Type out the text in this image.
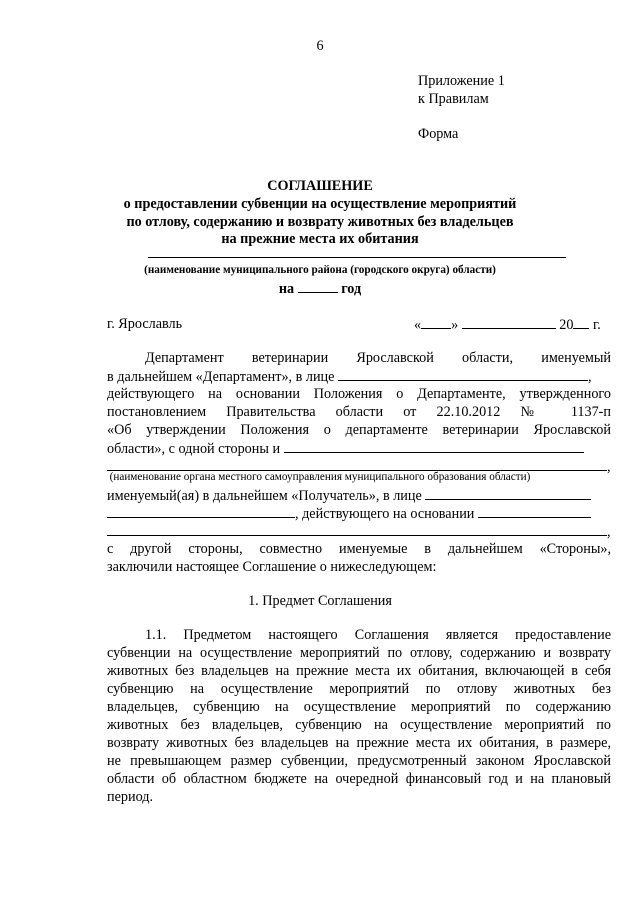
6
Приложение 1
к Правилам
Форма
СОГЛАШЕНИЕ
о предоставлении субвенции на осуществление мероприятий
по отлову, содержанию и возврату животных без владельцев
на прежние места их обитания
(наименование муниципального района (городского округа) области)
на	год
г. Ярославль	« »	20 г.
Департамент ветеринарии Ярославской области, именуемый
в дальнейшем «Департамент», в лице	,
действующего на основании Положения о Департаменте, утвержденного
постановлением Правительства области от 22.10.2012 № 1137-п
«Об утверждении Положения о департаменте ветеринарии Ярославской
области», с одной стороны и
,
(наименование органа местного самоуправления муниципального образования области)
именуемый(ая) в дальнейшем «Получатель», в лице
, действующего на основании
,
с другой стороны, совместно именуемые в дальнейшем «Стороны»,
заключили настоящее Соглашение о нижеследующем:
1. Предмет Соглашения
1.1. Предметом настоящего Соглашения является предоставление
субвенции на осуществление мероприятий по отлову, содержанию и возврату
животных без владельцев на прежние места их обитания, включающей в себя
субвенцию на осуществление мероприятий по отлову животных без
владельцев, субвенцию на осуществление мероприятий по содержанию
животных без владельцев, субвенцию на осуществление мероприятий по
возврату животных без владельцев на прежние места их обитания, в размере,
не превышающем размер субвенции, предусмотренный законом Ярославской
области об областном бюджете на очередной финансовый год и на плановый
период.
